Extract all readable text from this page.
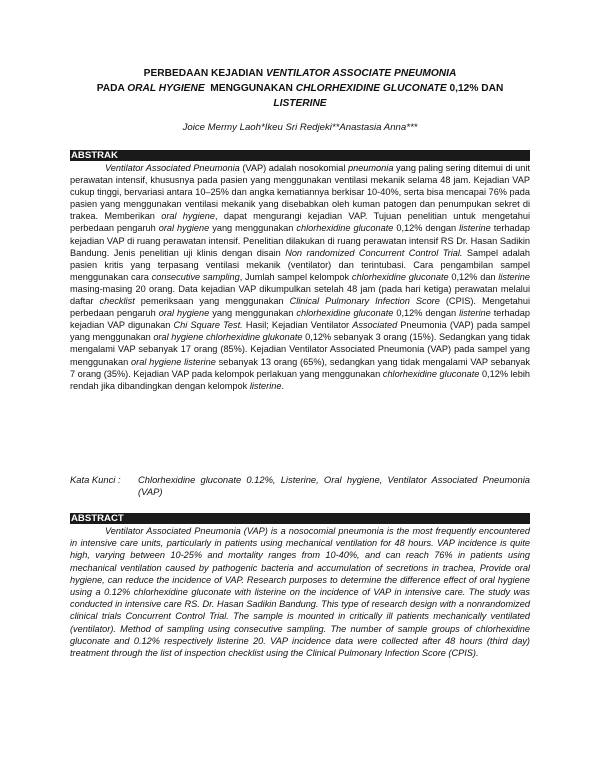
PERBEDAAN KEJADIAN VENTILATOR ASSOCIATE PNEUMONIA
PADA ORAL HYGIENE  MENGGUNAKAN CHLORHEXIDINE GLUCONATE 0,12% DAN
LISTERINE
Joice Mermy Laoh*Ikeu Sri Redjeki**Anastasia Anna***
ABSTRAK

Ventilator Associated Pneumonia (VAP) adalah nosokomial pneumonia yang paling sering ditemui di unit perawatan intensif, khususnya pada pasien yang menggunakan ventilasi mekanik selama 48 jam. Kejadian VAP cukup tinggi, bervariasi antara 10–25% dan angka kematiannya berkisar 10-40%, serta bisa mencapai 76% pada pasien yang menggunakan ventilasi mekanik yang disebabkan oleh kuman patogen dan penumpukan sekret di trakea. Memberikan oral hygiene, dapat mengurangi kejadian VAP. Tujuan penelitian untuk mengetahui perbedaan pengaruh oral hygiene yang menggunakan chlorhexidine gluconate 0,12% dengan listerine terhadap kejadian VAP di ruang perawatan intensif. Penelitian dilakukan di ruang perawatan intensif RS Dr. Hasan Sadikin Bandung. Jenis penelitian uji klinis dengan disain Non randomized Concurrent Control Trial. Sampel adalah pasien kritis yang terpasang ventilasi mekanik (ventilator) dan terintubasi. Cara pengambilan sampel menggunakan cara consecutive sampling, Jumlah sampel kelompok chlorhexidine gluconate 0,12% dan listerine masing-masing 20 orang. Data kejadian VAP dikumpulkan setelah 48 jam (pada hari ketiga) perawatan melalui daftar checklist pemeriksaan yang menggunakan Clinical Pulmonary Infection Score (CPIS). Mengetahui perbedaan pengaruh oral hygiene yang menggunakan chlorhexidine gluconate 0,12% dengan listerine terhadap kejadian VAP digunakan Chi Square Test. Hasil; Kejadian Ventilator Associated Pneumonia (VAP) pada sampel yang menggunakan oral hygiene chlorhexidine glukonate 0,12% sebanyak 3 orang (15%). Sedangkan yang tidak mengalami VAP sebanyak 17 orang (85%). Kejadian Ventilator Associated Pneumonia (VAP) pada sampel yang menggunakan oral hygiene listerine sebanyak 13 orang (65%), sedangkan yang tidak mengalami VAP sebanyak 7 orang (35%). Kejadian VAP pada kelompok perlakuan yang menggunakan chlorhexidine gluconate 0,12% lebih rendah jika dibandingkan dengan kelompok listerine.

Kata Kunci :	Chlorhexidine gluconate 0.12%, Listerine, Oral hygiene, Ventilator Associated Pneumonia (VAP)
ABSTRACT

Ventilator Associated Pneumonia (VAP) is a nosocomial pneumonia is the most frequently encountered in intensive care units, particularly in patients using mechanical ventilation for 48 hours. VAP incidence is quite high, varying between 10-25% and mortality ranges from 10-40%, and can reach 76% in patients using mechanical ventilation caused by pathogenic bacteria and accumulation of secretions in trachea, Provide oral hygiene, can reduce the incidence of VAP. Research purposes to determine the difference effect of oral hygiene using a 0.12% chlorhexidine gluconate with listerine on the incidence of VAP in intensive care. The study was conducted in intensive care RS. Dr. Hasan Sadikin Bandung. This type of research design with a nonrandomized clinical trials Concurrent Control Trial. The sample is mounted in critically ill patients mechanically ventilated (ventilator). Method of sampling using consecutive sampling. The number of sample groups of chlorhexidine gluconate and 0.12% respectively listerine 20. VAP incidence data were collected after 48 hours (third day) treatment through the list of inspection checklist using the Clinical Pulmonary Infection Score (CPIS).
